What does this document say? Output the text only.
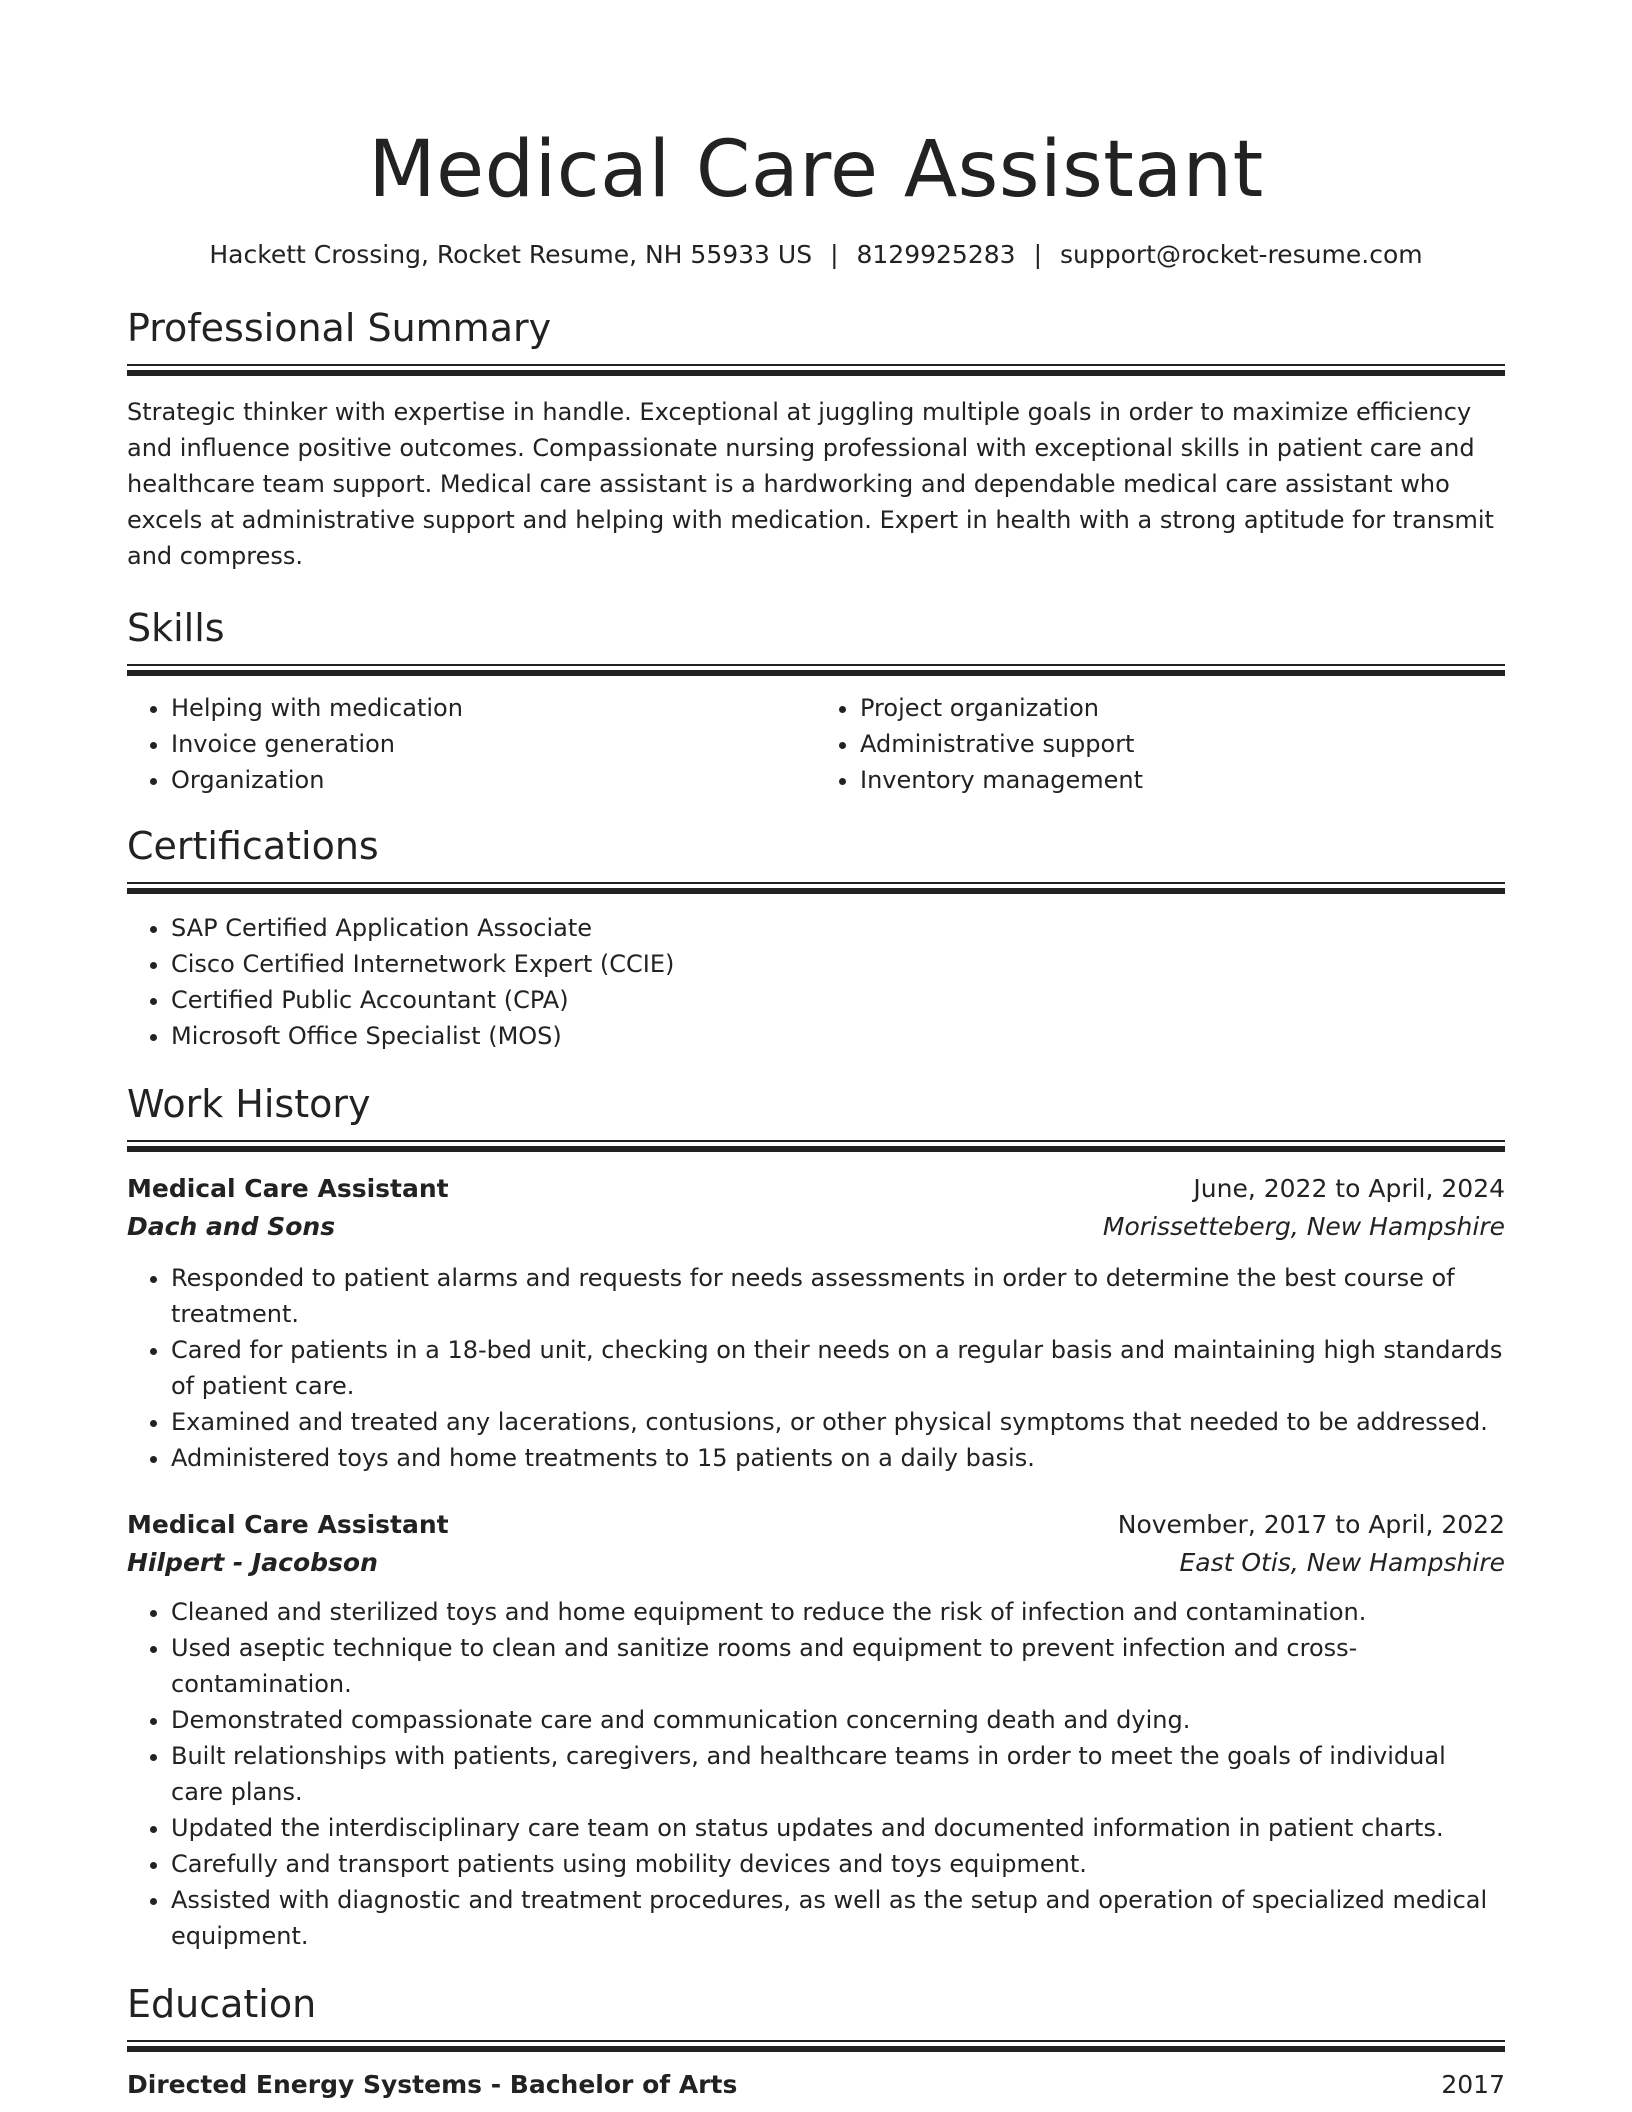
Medical Care Assistant
Hackett Crossing, Rocket Resume, NH 55933 US | 8129925283 | support@rocket-resume.com
Professional Summary
Strategic thinker with expertise in handle. Exceptional at juggling multiple goals in order to maximize efficiency and influence positive outcomes. Compassionate nursing professional with exceptional skills in patient care and healthcare team support. Medical care assistant is a hardworking and dependable medical care assistant who excels at administrative support and helping with medication. Expert in health with a strong aptitude for transmit and compress.
Skills
• Helping with medication
• Invoice generation
• Organization
• Project organization
• Administrative support
• Inventory management
Certifications
• SAP Certified Application Associate
• Cisco Certified Internetwork Expert (CCIE)
• Certified Public Accountant (CPA)
• Microsoft Office Specialist (MOS)
Work History
Medical Care Assistant	June, 2022 to April, 2024
Dach and Sons	Morissetteberg, New Hampshire
• Responded to patient alarms and requests for needs assessments in order to determine the best course of treatment.
• Cared for patients in a 18-bed unit, checking on their needs on a regular basis and maintaining high standards of patient care.
• Examined and treated any lacerations, contusions, or other physical symptoms that needed to be addressed.
• Administered toys and home treatments to 15 patients on a daily basis.
Medical Care Assistant	November, 2017 to April, 2022
Hilpert - Jacobson	East Otis, New Hampshire
• Cleaned and sterilized toys and home equipment to reduce the risk of infection and contamination.
• Used aseptic technique to clean and sanitize rooms and equipment to prevent infection and cross-contamination.
• Demonstrated compassionate care and communication concerning death and dying.
• Built relationships with patients, caregivers, and healthcare teams in order to meet the goals of individual care plans.
• Updated the interdisciplinary care team on status updates and documented information in patient charts.
• Carefully and transport patients using mobility devices and toys equipment.
• Assisted with diagnostic and treatment procedures, as well as the setup and operation of specialized medical equipment.
Education
Directed Energy Systems - Bachelor of Arts	2017
